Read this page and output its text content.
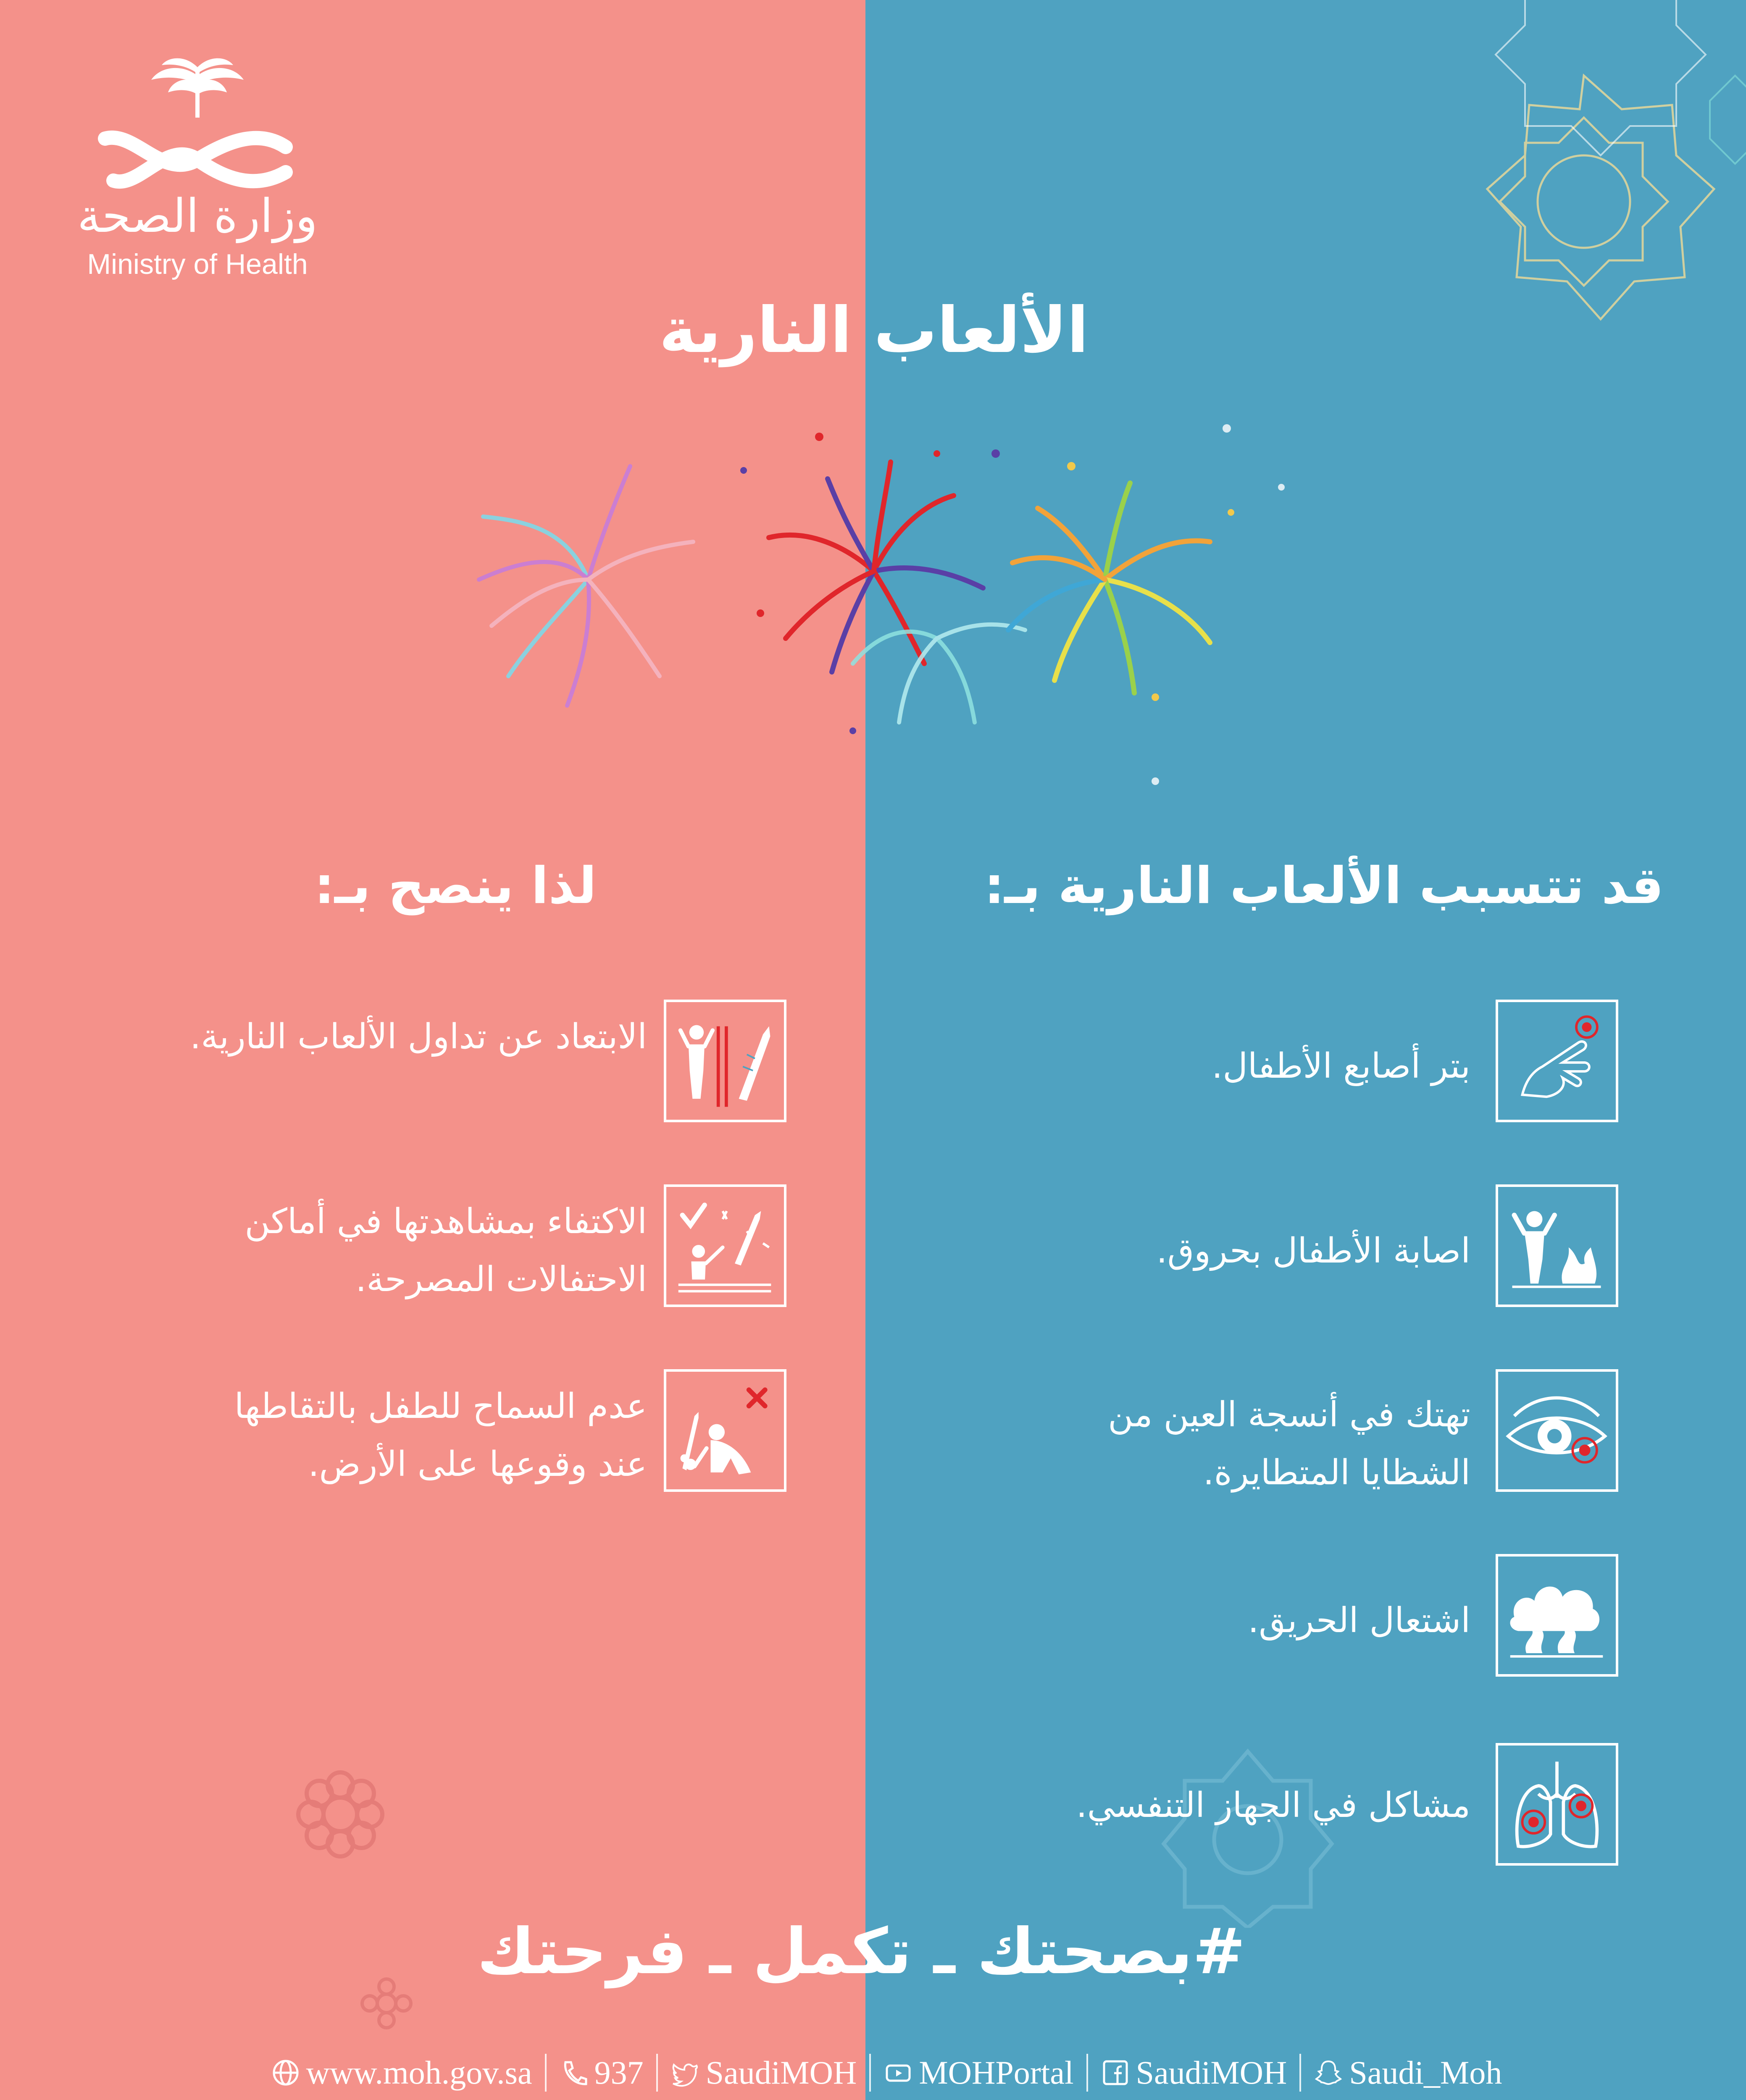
وزارة الصحة
Ministry of Health
الألعاب النارية
قد تتسبب الألعاب النارية بـ:
لذا ينصح بـ:
بتر أصابع الأطفال.
اصابة الأطفال بحروق.
تهتك في أنسجة العين من الشظايا المتطايرة.
اشتعال الحريق.
مشاكل في الجهاز التنفسي.
الابتعاد عن تداول الألعاب النارية.
الاكتفاء بمشاهدتها في أماكن الاحتفالات المصرحة.
عدم السماح للطفل بالتقاطها عند وقوعها على الأرض.
#بصحتك ـ تكمل ـ فرحتك
www.moh.gov.sa 937 SaudiMOH MOHPortal SaudiMOH Saudi_Moh
